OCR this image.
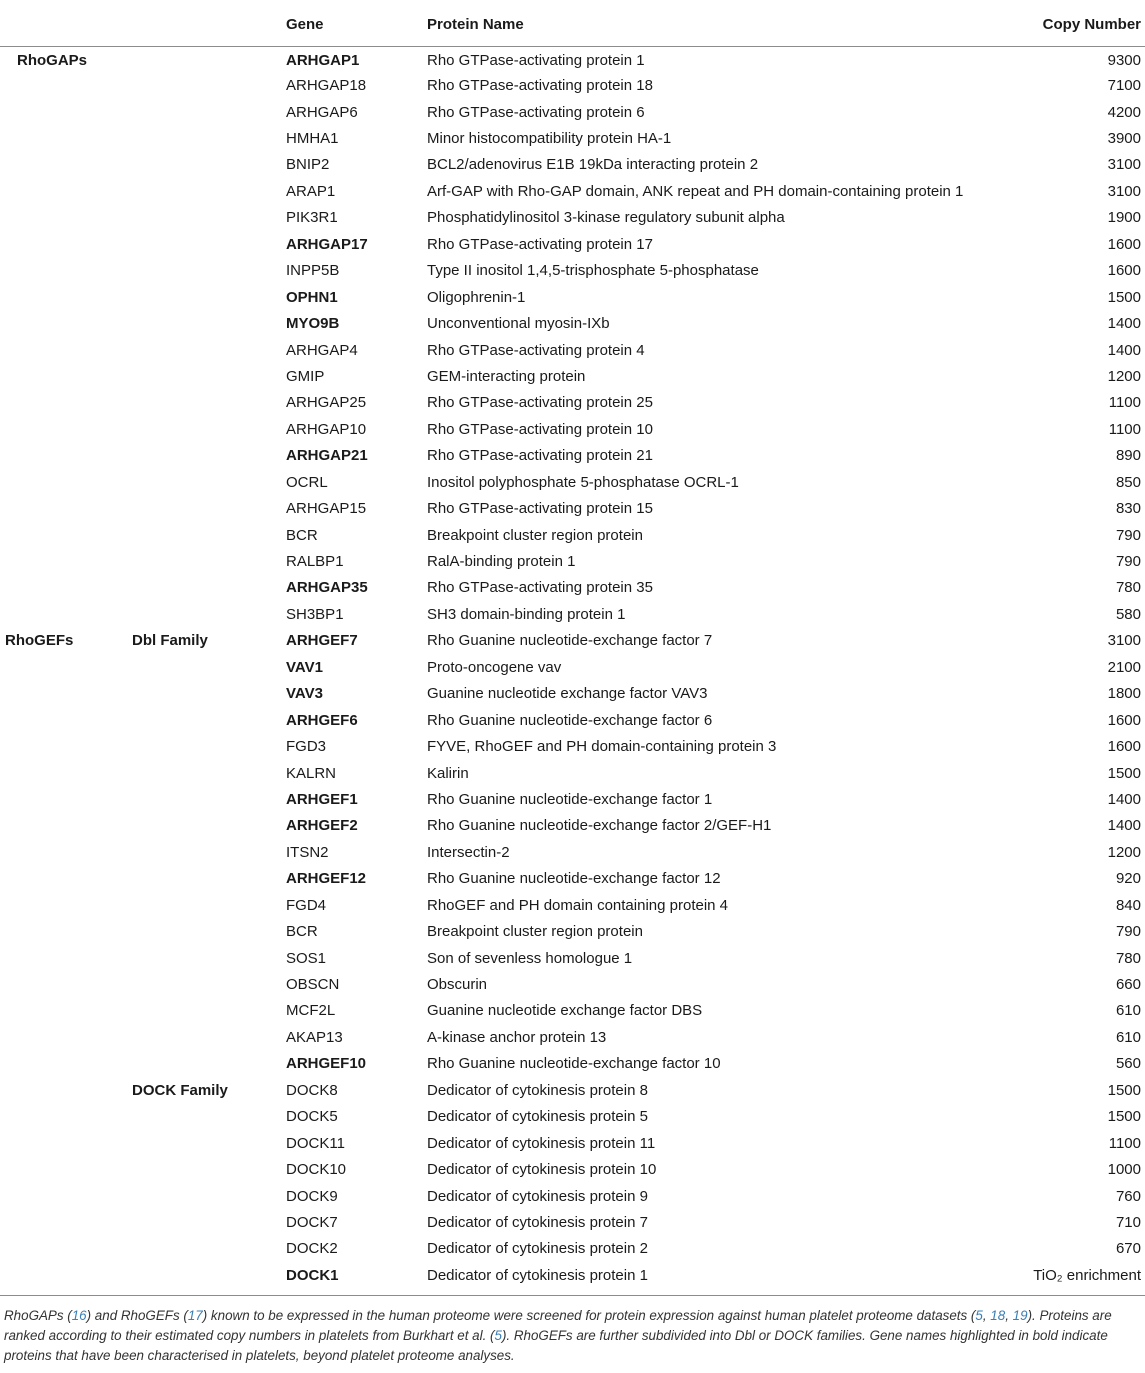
		Gene	Protein Name	Copy Number
RhoGAPs		ARHGAP1	Rho GTPase-activating protein 1	9300
		ARHGAP18	Rho GTPase-activating protein 18	7100
		ARHGAP6	Rho GTPase-activating protein 6	4200
		HMHA1	Minor histocompatibility protein HA-1	3900
		BNIP2	BCL2/adenovirus E1B 19kDa interacting protein 2	3100
		ARAP1	Arf-GAP with Rho-GAP domain, ANK repeat and PH domain-containing protein 1	3100
		PIK3R1	Phosphatidylinositol 3-kinase regulatory subunit alpha	1900
		ARHGAP17	Rho GTPase-activating protein 17	1600
		INPP5B	Type II inositol 1,4,5-trisphosphate 5-phosphatase	1600
		OPHN1	Oligophrenin-1	1500
		MYO9B	Unconventional myosin-IXb	1400
		ARHGAP4	Rho GTPase-activating protein 4	1400
		GMIP	GEM-interacting protein	1200
		ARHGAP25	Rho GTPase-activating protein 25	1100
		ARHGAP10	Rho GTPase-activating protein 10	1100
		ARHGAP21	Rho GTPase-activating protein 21	890
		OCRL	Inositol polyphosphate 5-phosphatase OCRL-1	850
		ARHGAP15	Rho GTPase-activating protein 15	830
		BCR	Breakpoint cluster region protein	790
		RALBP1	RalA-binding protein 1	790
		ARHGAP35	Rho GTPase-activating protein 35	780
		SH3BP1	SH3 domain-binding protein 1	580
RhoGEFs	Dbl Family	ARHGEF7	Rho Guanine nucleotide-exchange factor 7	3100
		VAV1	Proto-oncogene vav	2100
		VAV3	Guanine nucleotide exchange factor VAV3	1800
		ARHGEF6	Rho Guanine nucleotide-exchange factor 6	1600
		FGD3	FYVE, RhoGEF and PH domain-containing protein 3	1600
		KALRN	Kalirin	1500
		ARHGEF1	Rho Guanine nucleotide-exchange factor 1	1400
		ARHGEF2	Rho Guanine nucleotide-exchange factor 2/GEF-H1	1400
		ITSN2	Intersectin-2	1200
		ARHGEF12	Rho Guanine nucleotide-exchange factor 12	920
		FGD4	RhoGEF and PH domain containing protein 4	840
		BCR	Breakpoint cluster region protein	790
		SOS1	Son of sevenless homologue 1	780
		OBSCN	Obscurin	660
		MCF2L	Guanine nucleotide exchange factor DBS	610
		AKAP13	A-kinase anchor protein 13	610
		ARHGEF10	Rho Guanine nucleotide-exchange factor 10	560
	DOCK Family	DOCK8	Dedicator of cytokinesis protein 8	1500
		DOCK5	Dedicator of cytokinesis protein 5	1500
		DOCK11	Dedicator of cytokinesis protein 11	1100
		DOCK10	Dedicator of cytokinesis protein 10	1000
		DOCK9	Dedicator of cytokinesis protein 9	760
		DOCK7	Dedicator of cytokinesis protein 7	710
		DOCK2	Dedicator of cytokinesis protein 2	670
		DOCK1	Dedicator of cytokinesis protein 1	TiO₂ enrichment
RhoGAPs (16) and RhoGEFs (17) known to be expressed in the human proteome were screened for protein expression against human platelet proteome datasets (5, 18, 19). Proteins are ranked according to their estimated copy numbers in platelets from Burkhart et al. (5). RhoGEFs are further subdivided into Dbl or DOCK families. Gene names highlighted in bold indicate proteins that have been characterised in platelets, beyond platelet proteome analyses.
